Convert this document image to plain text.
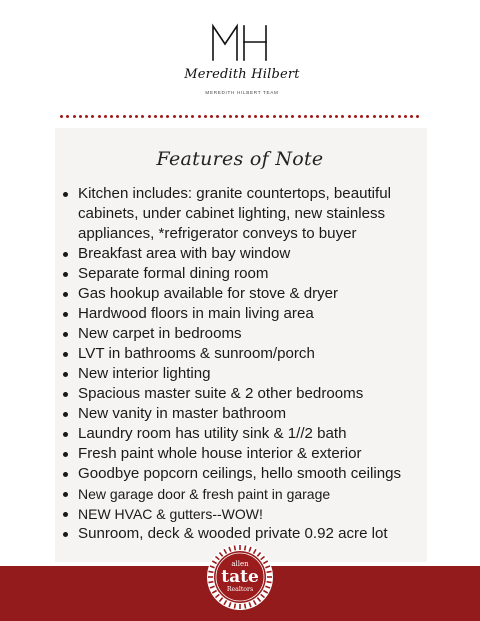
Meredith Hilbert
MEREDITH HILBERT TEAM
Features of Note
Kitchen includes: granite countertops, beautiful cabinets, under cabinet lighting, new stainless appliances, *refrigerator conveys to buyer
Breakfast area with bay window
Separate formal dining room
Gas hookup available for stove & dryer
Hardwood floors in main living area
New carpet in bedrooms
LVT in bathrooms & sunroom/porch
New interior lighting
Spacious master suite & 2 other bedrooms
New vanity in master bathroom
Laundry room has utility sink & 1//2 bath
Fresh paint whole house interior & exterior
Goodbye popcorn ceilings, hello smooth ceilings
New garage door & fresh paint in garage
NEW HVAC & gutters--WOW!
Sunroom, deck & wooded private 0.92 acre lot
allen
tate
Realtors
